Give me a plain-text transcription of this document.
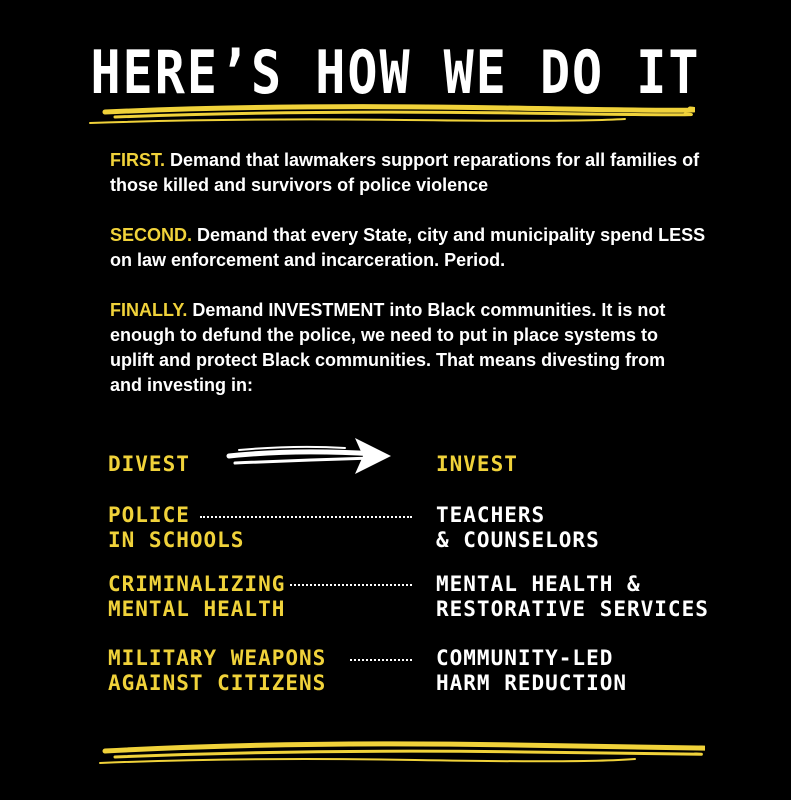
HERE’S HOW WE DO IT
FIRST. Demand that lawmakers support reparations for all families of those killed and survivors of police violence
SECOND. Demand that every State, city and municipality spend LESS on law enforcement and incarceration. Period.
FINALLY. Demand INVESTMENT into Black communities. It is not enough to defund the police, we need to put in place systems to uplift and protect Black communities. That means divesting from and investing in:
DIVEST	INVEST
POLICE
IN SCHOOLS
TEACHERS
& COUNSELORS
CRIMINALIZING
MENTAL HEALTH
MENTAL HEALTH &
RESTORATIVE SERVICES
MILITARY WEAPONS
AGAINST CITIZENS
COMMUNITY-LED
HARM REDUCTION
